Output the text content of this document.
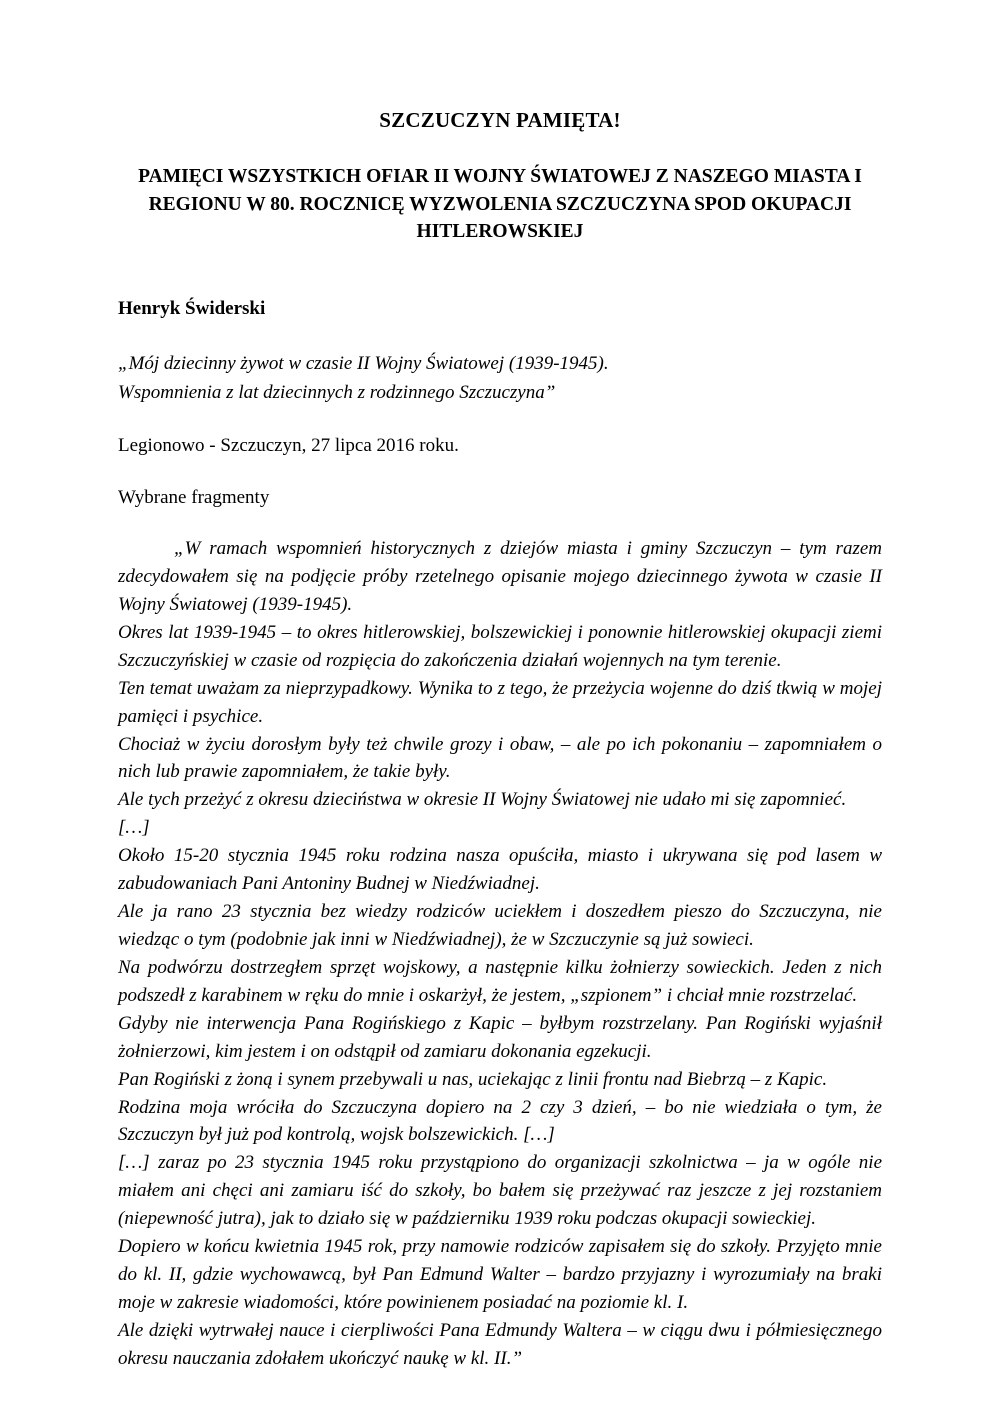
SZCZUCZYN PAMIĘTA!
PAMIĘCI WSZYSTKICH OFIAR II WOJNY ŚWIATOWEJ Z NASZEGO MIASTA I REGIONU W 80. ROCZNICĘ WYZWOLENIA SZCZUCZYNA SPOD OKUPACJI HITLEROWSKIEJ
Henryk Świderski
„Mój dziecinny żywot w czasie II Wojny Światowej (1939-1945).
Wspomnienia z lat dziecinnych z rodzinnego Szczuczyna”
Legionowo - Szczuczyn, 27 lipca 2016 roku.
Wybrane fragmenty

„W ramach wspomnień historycznych z dziejów miasta i gminy Szczuczyn – tym razem zdecydowałem się na podjęcie próby rzetelnego opisanie mojego dziecinnego żywota w czasie II Wojny Światowej (1939-1945).

Okres lat 1939-1945 – to okres hitlerowskiej, bolszewickiej i ponownie hitlerowskiej okupacji ziemi Szczuczyńskiej w czasie od rozpięcia do zakończenia działań wojennych na tym terenie.

Ten temat uważam za nieprzypadkowy. Wynika to z tego, że przeżycia wojenne do dziś tkwią w mojej pamięci i psychice.

Chociaż w życiu dorosłym były też chwile grozy i obaw, – ale po ich pokonaniu – zapomniałem o nich lub prawie zapomniałem, że takie były.

Ale tych przeżyć z okresu dzieciństwa w okresie II Wojny Światowej nie udało mi się zapomnieć.

[…]

Około 15-20 stycznia 1945 roku rodzina nasza opuściła, miasto i ukrywana się pod lasem w zabudowaniach Pani Antoniny Budnej w Niedźwiadnej.

Ale ja rano 23 stycznia bez wiedzy rodziców uciekłem i doszedłem pieszo do Szczuczyna, nie wiedząc o tym (podobnie jak inni w Niedźwiadnej), że w Szczuczynie są już sowieci.

Na podwórzu dostrzegłem sprzęt wojskowy, a następnie kilku żołnierzy sowieckich. Jeden z nich podszedł z karabinem w ręku do mnie i oskarżył, że jestem, „szpionem” i chciał mnie rozstrzelać.

Gdyby nie interwencja Pana Rogińskiego z Kapic – byłbym rozstrzelany. Pan Rogiński wyjaśnił żołnierzowi, kim jestem i on odstąpił od zamiaru dokonania egzekucji.

Pan Rogiński z żoną i synem przebywali u nas, uciekając z linii frontu nad Biebrzą – z Kapic.

Rodzina moja wróciła do Szczuczyna dopiero na 2 czy 3 dzień, – bo nie wiedziała o tym, że Szczuczyn był już pod kontrolą, wojsk bolszewickich. […]

[…] zaraz po 23 stycznia 1945 roku przystąpiono do organizacji szkolnictwa – ja w ogóle nie miałem ani chęci ani zamiaru iść do szkoły, bo bałem się przeżywać raz jeszcze z jej rozstaniem (niepewność jutra), jak to działo się w październiku 1939 roku podczas okupacji sowieckiej.

Dopiero w końcu kwietnia 1945 rok, przy namowie rodziców zapisałem się do szkoły. Przyjęto mnie do kl. II, gdzie wychowawcą, był Pan Edmund Walter – bardzo przyjazny i wyrozumiały na braki moje w zakresie wiadomości, które powinienem posiadać na poziomie kl. I.

Ale dzięki wytrwałej nauce i cierpliwości Pana Edmundy Waltera – w ciągu dwu i półmiesięcznego okresu nauczania zdołałem ukończyć naukę w kl. II.”
